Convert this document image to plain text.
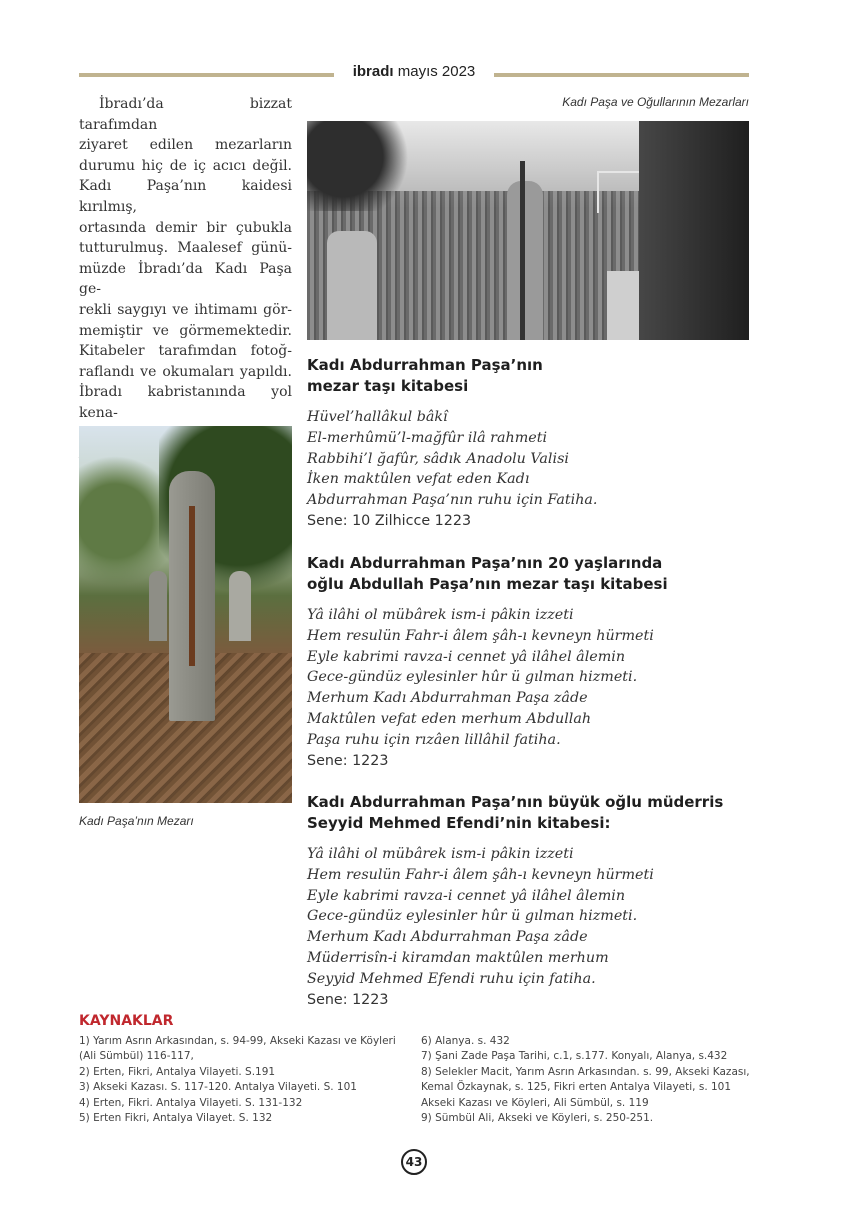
ibradı mayıs 2023
İbradı’da bizzat tarafımdan
ziyaret edilen mezarların
durumu hiç de iç acıcı değil.
Kadı Paşa’nın kaidesi kırılmış,
ortasında demir bir çubukla
tutturulmuş. Maalesef günü-
müzde İbradı’da Kadı Paşa ge-
rekli saygıyı ve ihtimamı gör-
memiştir ve görmemektedir.
Kitabeler tarafımdan fotoğ-
raflandı ve okumaları yapıldı.
İbradı kabristanında yol kena-
Kadı Paşa ve Oğullarının Mezarları
Kadı Paşa’nın Mezarı
Kadı Abdurrahman Paşa’nın
mezar taşı kitabesi
Hüvel’hallâkul bâkî
El-merhûmü’l-mağfûr ilâ rahmeti
Rabbihi’l ğafûr, sâdık Anadolu Valisi
İken maktûlen vefat eden Kadı
Abdurrahman Paşa’nın ruhu için Fatiha.
Sene: 10 Zilhicce 1223
Kadı Abdurrahman Paşa’nın 20 yaşlarında
oğlu Abdullah Paşa’nın mezar taşı kitabesi
Yâ ilâhi ol mübârek ism-i pâkin izzeti
Hem resulün Fahr-i âlem şâh-ı kevneyn hürmeti
Eyle kabrimi ravza-i cennet yâ ilâhel âlemin
Gece-gündüz eylesinler hûr ü gılman hizmeti.
Merhum Kadı Abdurrahman Paşa zâde
Maktûlen vefat eden merhum Abdullah
Paşa ruhu için rızâen lillâhil fatiha.
Sene: 1223
Kadı Abdurrahman Paşa’nın büyük oğlu müderris
Seyyid Mehmed Efendi’nin kitabesi:
Yâ ilâhi ol mübârek ism-i pâkin izzeti
Hem resulün Fahr-i âlem şâh-ı kevneyn hürmeti
Eyle kabrimi ravza-i cennet yâ ilâhel âlemin
Gece-gündüz eylesinler hûr ü gılman hizmeti.
Merhum Kadı Abdurrahman Paşa zâde
Müderrisîn-i kiramdan maktûlen merhum
Seyyid Mehmed Efendi ruhu için fatiha.
Sene: 1223
KAYNAKLAR
1) Yarım Asrın Arkasından, s. 94-99, Akseki Kazası ve Köyleri
(Ali Sümbül) 116-117,
2) Erten, Fikri, Antalya Vilayeti. S.191
3) Akseki Kazası. S. 117-120. Antalya Vilayeti. S. 101
4) Erten, Fikri. Antalya Vilayeti. S. 131-132
5) Erten Fikri, Antalya Vilayet. S. 132
6) Alanya. s. 432
7) Şani Zade Paşa Tarihi, c.1, s.177. Konyalı, Alanya, s.432
8) Selekler Macit, Yarım Asrın Arkasından. s. 99, Akseki Kazası,
Kemal Özkaynak, s. 125, Fikri erten Antalya Vilayeti, s. 101
Akseki Kazası ve Köyleri, Ali Sümbül, s. 119
9) Sümbül Ali, Akseki ve Köyleri, s. 250-251.
43
